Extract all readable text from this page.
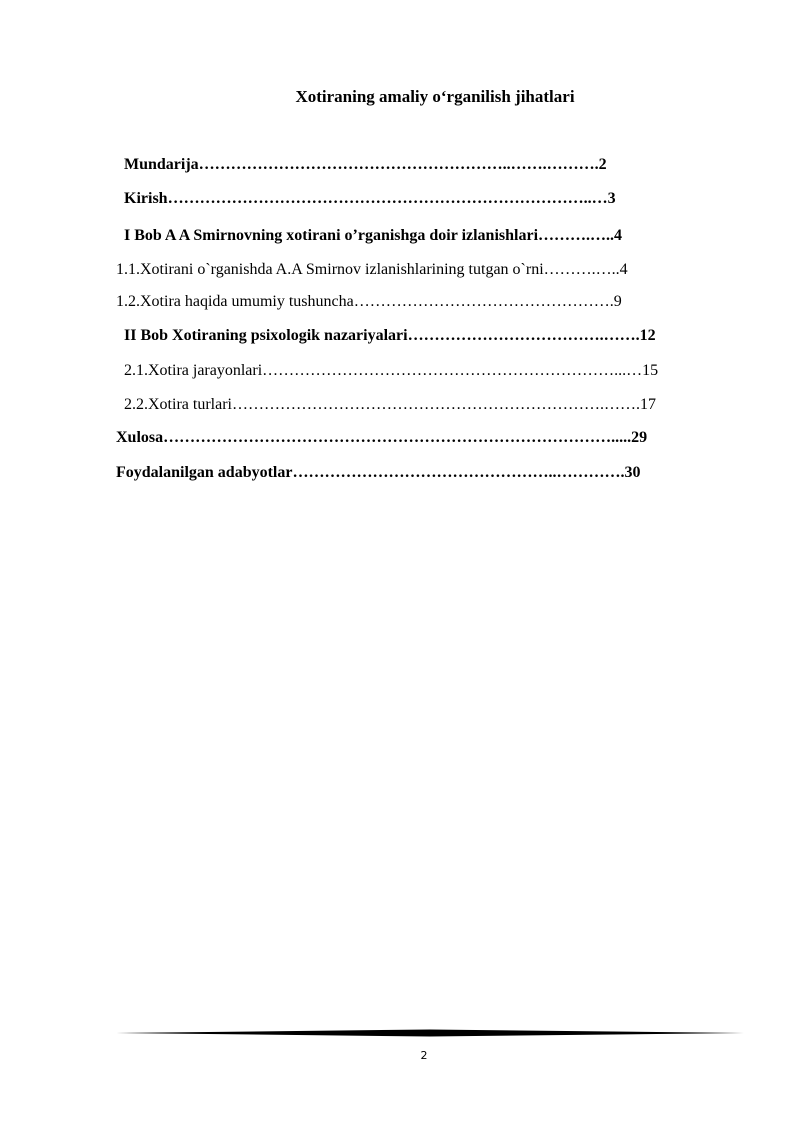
Xotiraning amaliy o‘rganilish jihatlari
Mundarija…………………………………………………..…….……….2
Kirish……………………………………………………………………..…3
I Bob A A Smirnovning xotirani o’rganishga doir izlanishlari……….…..4
1.1.Xotirani o`rganishda A.A Smirnov izlanishlarining tutgan o`rni……….…..4
1.2.Xotira haqida umumiy tushuncha………………………………………….9
II Bob Xotiraning psixologik nazariyalari……………………………….…….12
2.1.Xotira jarayonlari…………………………………………………………...…15
2.2.Xotira turlari…………………………………………………………….…….17
Xulosa………………………………………………………………………….....29
Foydalanilgan adabyotlar…………………………………………..………….30
2
